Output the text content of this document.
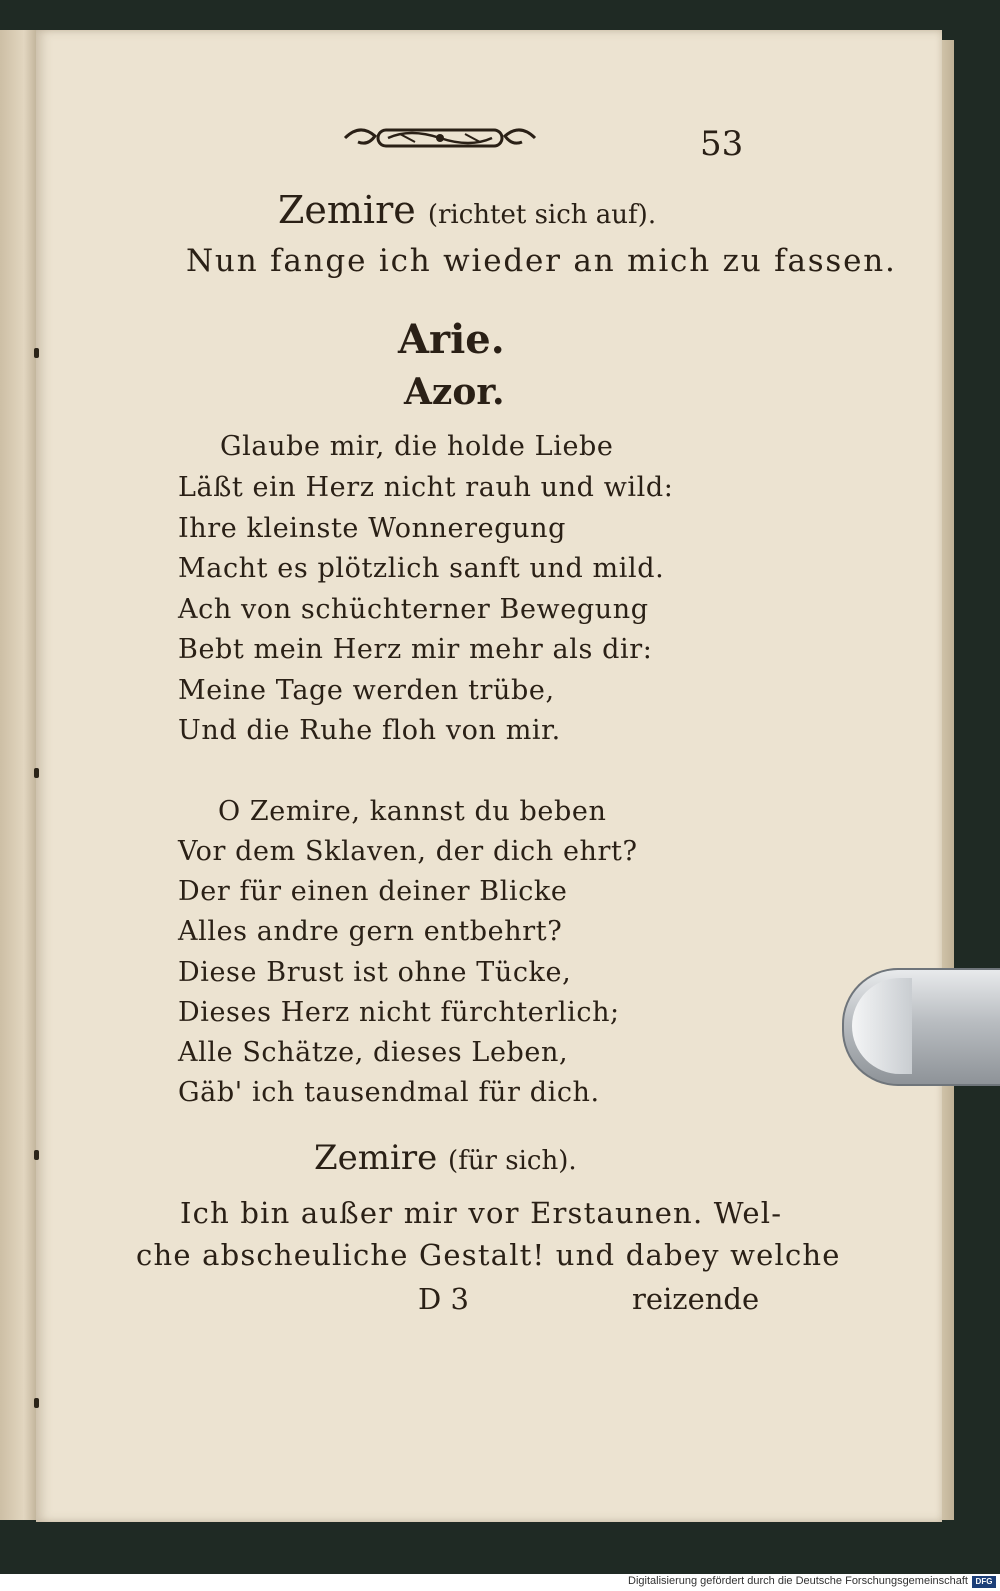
53
Zemire (richtet sich auf).
Nun fange ich wieder an mich zu fassen.
Arie.
Azor.
Glaube mir, die holde Liebe
Läßt ein Herz nicht rauh und wild:
Ihre kleinste Wonneregung
Macht es plötzlich sanft und mild.
Ach von schüchterner Bewegung
Bebt mein Herz mir mehr als dir:
Meine Tage werden trübe,
Und die Ruhe floh von mir.
O Zemire, kannst du beben
Vor dem Sklaven, der dich ehrt?
Der für einen deiner Blicke
Alles andre gern entbehrt?
Diese Brust ist ohne Tücke,
Dieses Herz nicht fürchterlich;
Alle Schätze, dieses Leben,
Gäb' ich tausendmal für dich.
Zemire (für sich).
Ich bin außer mir vor Erstaunen. Wel-
che abscheuliche Gestalt! und dabey welche
D 3	reizende
Digitalisierung gefördert durch die Deutsche Forschungsgemeinschaft DFG
